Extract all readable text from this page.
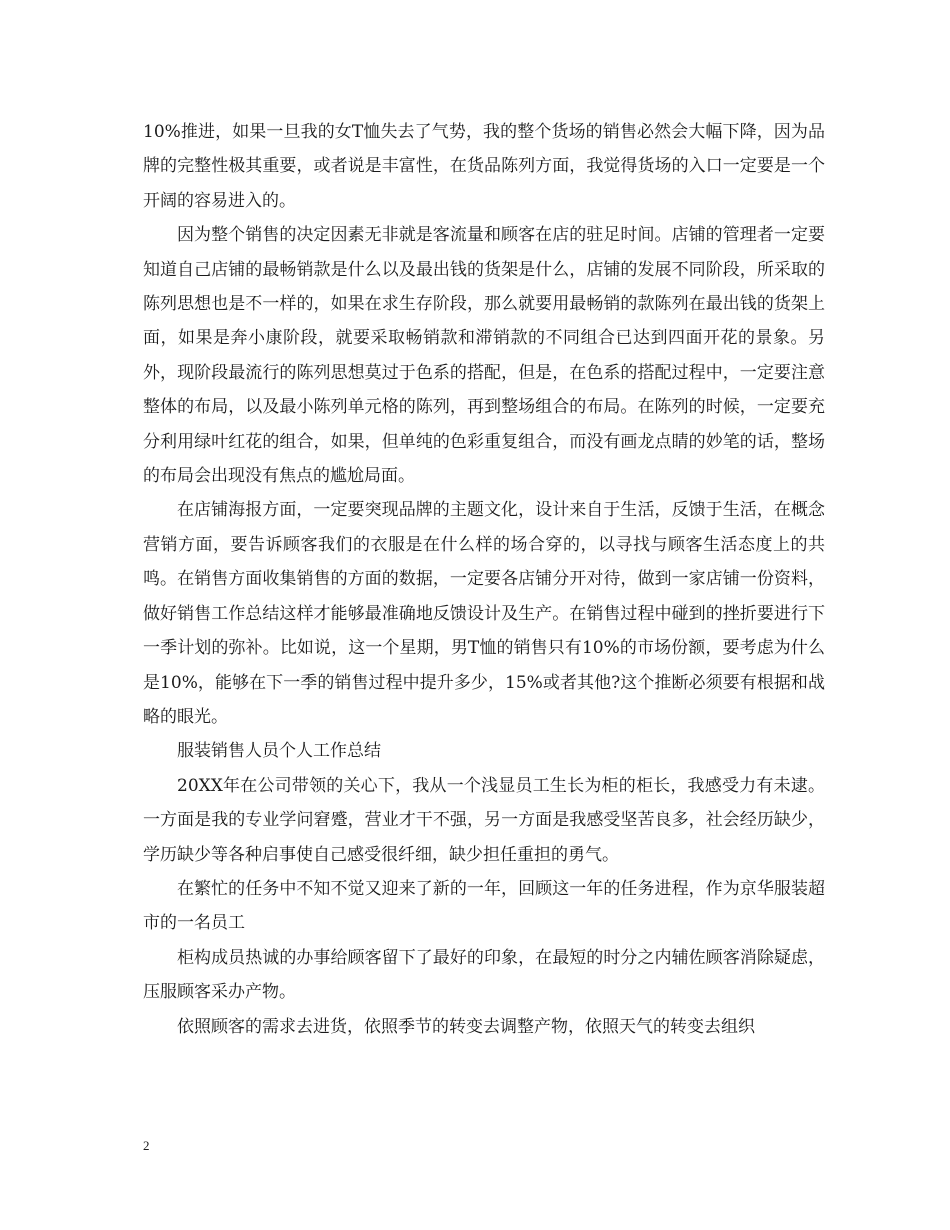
10%推进，如果一旦我的女T恤失去了气势，我的整个货场的销售必然会大幅下降，因为品牌的完整性极其重要，或者说是丰富性，在货品陈列方面，我觉得货场的入口一定要是一个开阔的容易进入的。

因为整个销售的决定因素无非就是客流量和顾客在店的驻足时间。店铺的管理者一定要知道自己店铺的最畅销款是什么以及最出钱的货架是什么，店铺的发展不同阶段，所采取的陈列思想也是不一样的，如果在求生存阶段，那么就要用最畅销的款陈列在最出钱的货架上面，如果是奔小康阶段，就要采取畅销款和滞销款的不同组合已达到四面开花的景象。另外，现阶段最流行的陈列思想莫过于色系的搭配，但是，在色系的搭配过程中，一定要注意整体的布局，以及最小陈列单元格的陈列，再到整场组合的布局。在陈列的时候，一定要充分利用绿叶红花的组合，如果，但单纯的色彩重复组合，而没有画龙点睛的妙笔的话，整场的布局会出现没有焦点的尴尬局面。

在店铺海报方面，一定要突现品牌的主题文化，设计来自于生活，反馈于生活，在概念营销方面，要告诉顾客我们的衣服是在什么样的场合穿的，以寻找与顾客生活态度上的共鸣。在销售方面收集销售的方面的数据，一定要各店铺分开对待，做到一家店铺一份资料，做好销售工作总结这样才能够最准确地反馈设计及生产。在销售过程中碰到的挫折要进行下一季计划的弥补。比如说，这一个星期，男T恤的销售只有10%的市场份额，要考虑为什么是10%，能够在下一季的销售过程中提升多少，15%或者其他?这个推断必须要有根据和战略的眼光。

服装销售人员个人工作总结

20XX年在公司带领的关心下，我从一个浅显员工生长为柜的柜长，我感受力有未逮。一方面是我的专业学问窘蹙，营业才干不强，另一方面是我感受坚苦良多，社会经历缺少，学历缺少等各种启事使自己感受很纤细，缺少担任重担的勇气。

在繁忙的任务中不知不觉又迎来了新的一年，回顾这一年的任务进程，作为京华服装超市的一名员工

柜构成员热诚的办事给顾客留下了最好的印象，在最短的时分之内辅佐顾客消除疑虑，压服顾客采办产物。

依照顾客的需求去进货，依照季节的转变去调整产物，依照天气的转变去组织

2
